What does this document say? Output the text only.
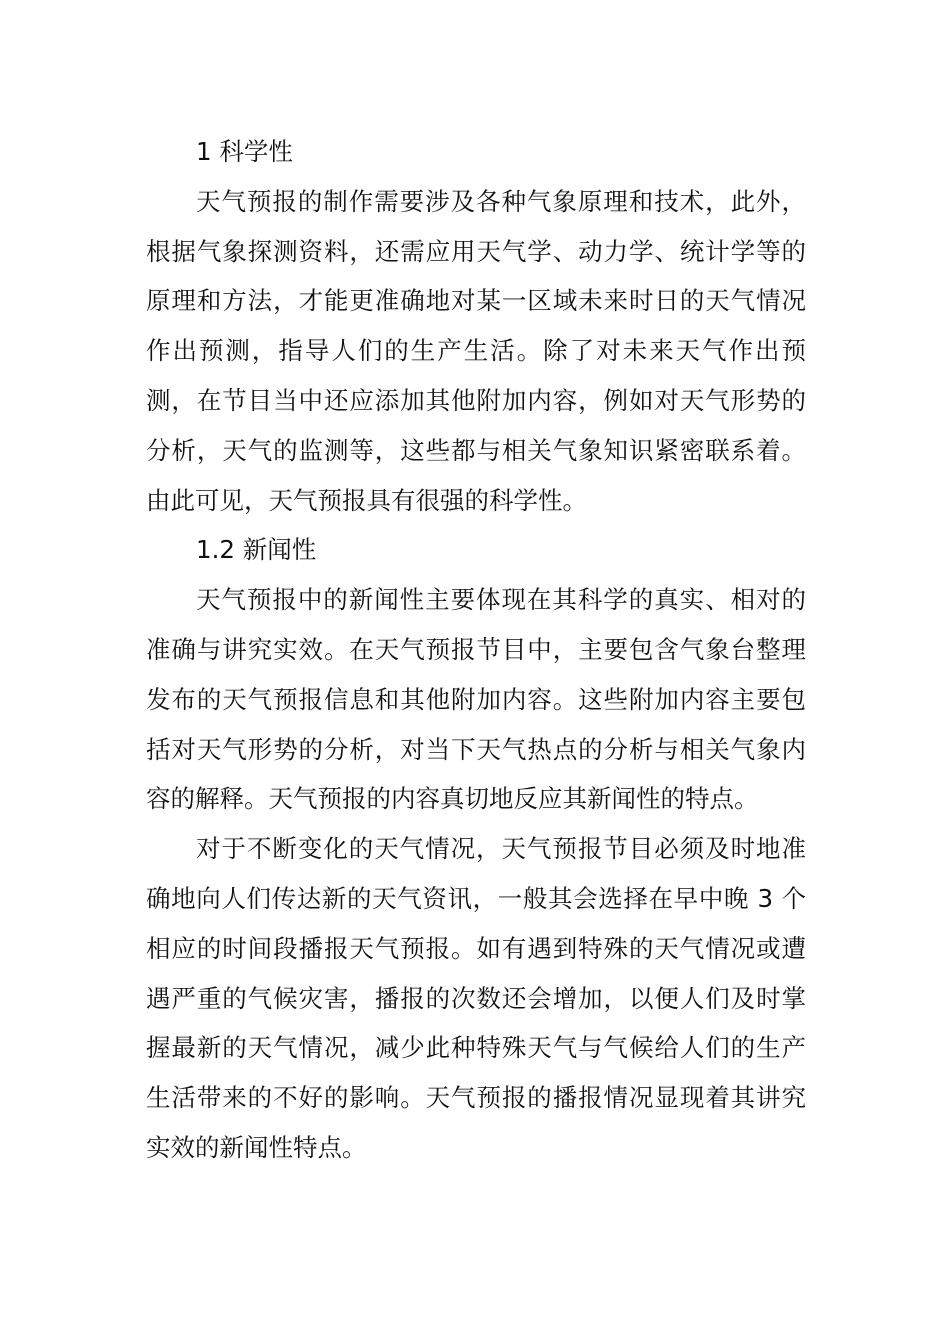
1 科学性

天气预报的制作需要涉及各种气象原理和技术，此外，根据气象探测资料，还需应用天气学、动力学、统计学等的原理和方法，才能更准确地对某一区域未来时日的天气情况作出预测，指导人们的生产生活。除了对未来天气作出预测，在节目当中还应添加其他附加内容，例如对天气形势的分析，天气的监测等，这些都与相关气象知识紧密联系着。由此可见，天气预报具有很强的科学性。

1.2 新闻性

天气预报中的新闻性主要体现在其科学的真实、相对的准确与讲究实效。在天气预报节目中，主要包含气象台整理发布的天气预报信息和其他附加内容。这些附加内容主要包括对天气形势的分析，对当下天气热点的分析与相关气象内容的解释。天气预报的内容真切地反应其新闻性的特点。

对于不断变化的天气情况，天气预报节目必须及时地准确地向人们传达新的天气资讯，一般其会选择在早中晚 3 个相应的时间段播报天气预报。如有遇到特殊的天气情况或遭遇严重的气候灾害，播报的次数还会增加，以便人们及时掌握最新的天气情况，减少此种特殊天气与气候给人们的生产生活带来的不好的影响。天气预报的播报情况显现着其讲究实效的新闻性特点。
